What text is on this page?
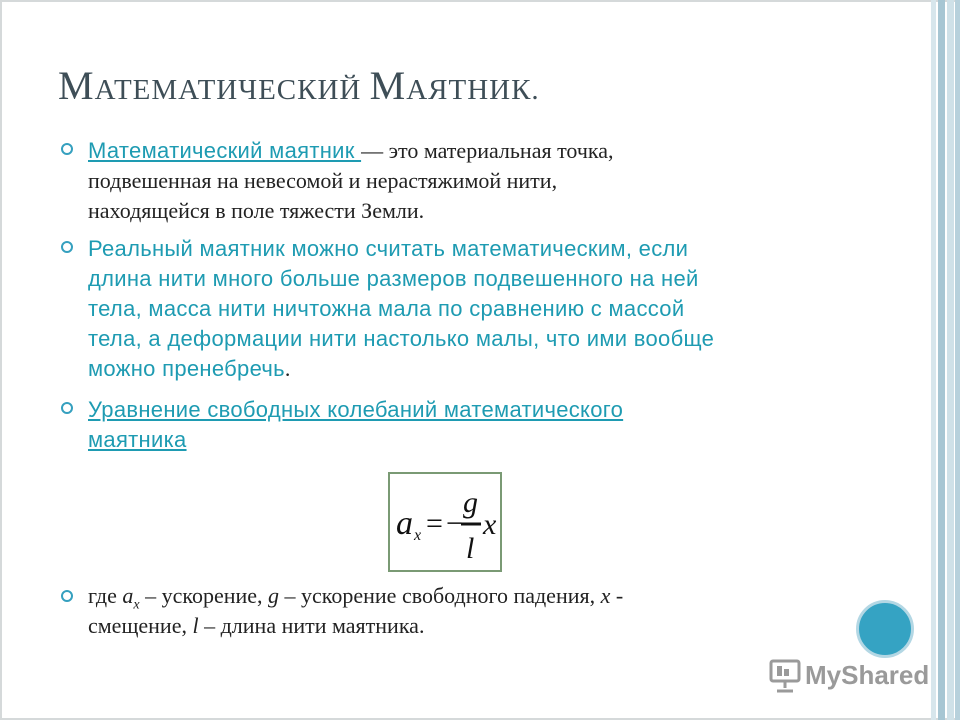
МАТЕМАТИЧЕСКИЙ МАЯТНИК.
Математический маятник — это материальная точка,
подвешенная на невесомой и нерастяжимой нити,
находящейся в поле тяжести Земли.
Реальный маятник можно считать математическим, если
длина нити много больше размеров подвешенного на ней
тела, масса нити ничтожна мала по сравнению с массой
тела, а деформации нити настолько малы, что ими вообще
можно пренебречь.
Уравнение свободных колебаний математического
маятника
a x = −
g
l
x
где $a_x$ – ускорение, g – ускорение свободного падения, x -
смещение, l – длина нити маятника.
MyShared
